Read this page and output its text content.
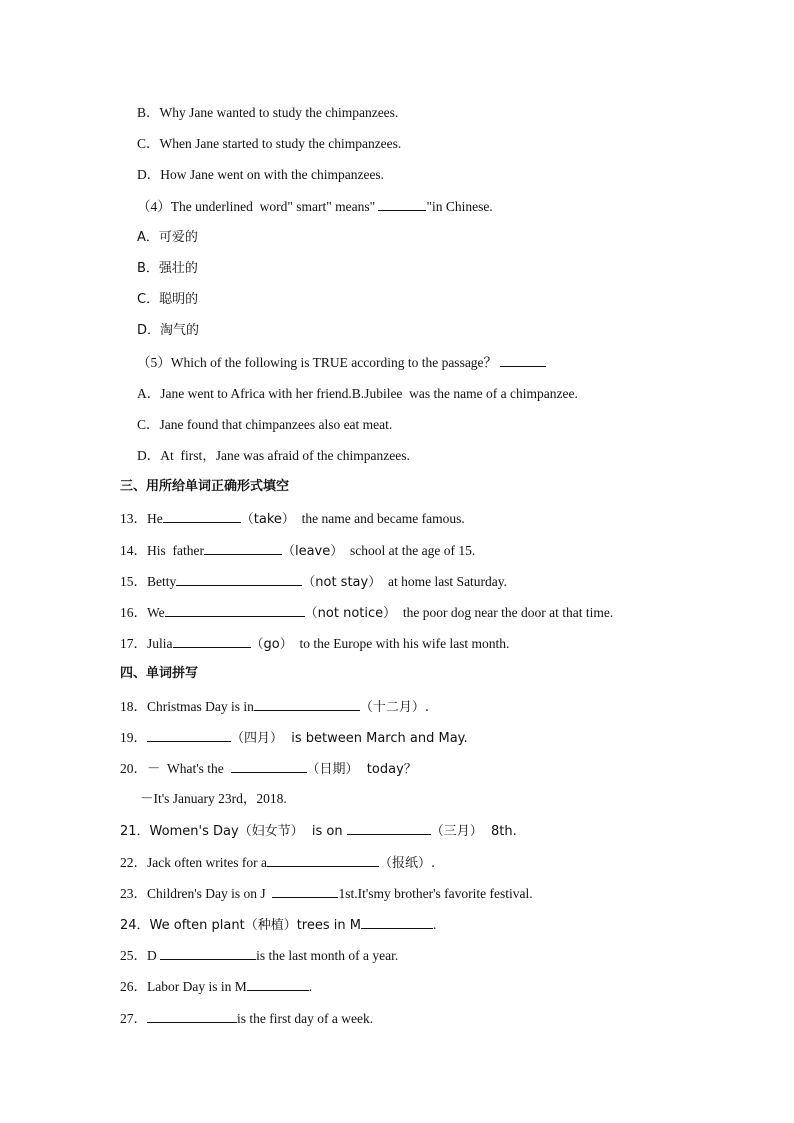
B．Why Jane wanted to study the chimpanzees.
C．When Jane started to study the chimpanzees.
D．How Jane went on with the chimpanzees.
（4）The underlined  word" smart" means"	"in Chinese.
A．可爱的
B．强壮的
C．聪明的
D．淘气的
（5）Which of the following is TRUE according to the passage？
A．Jane went to Africa with her friend.B.Jubilee  was the name of a chimpanzee.
C．Jane found that chimpanzees also eat meat.
D．At  first，Jane was afraid of the chimpanzees.
三、用所给单词正确形式填空
13．He	（take）  the name and became famous.
14．His  father	（leave）  school at the age of 15.
15．Betty	（not stay）  at home last Saturday.
16．We	（not notice）  the poor dog near the door at that time.
17．Julia	（go）  to the Europe with his wife last month.
四、单词拼写
18．Christmas Day is in	（十二月）.
19．	（四月）  is between March and May.
20．－  What's the	（日期）  today？
－It's January 23rd，2018.
21．Women's Day（妇女节）  is on	（三月）  8th.
22．Jack often writes for a	（报纸）.
23．Children's Day is on J	1st.It'smy brother's favorite festival.
24．We often plant（种植）trees in M	.
25．D	is the last month of a year.
26．Labor Day is in M	.
27．	is the first day of a week.
